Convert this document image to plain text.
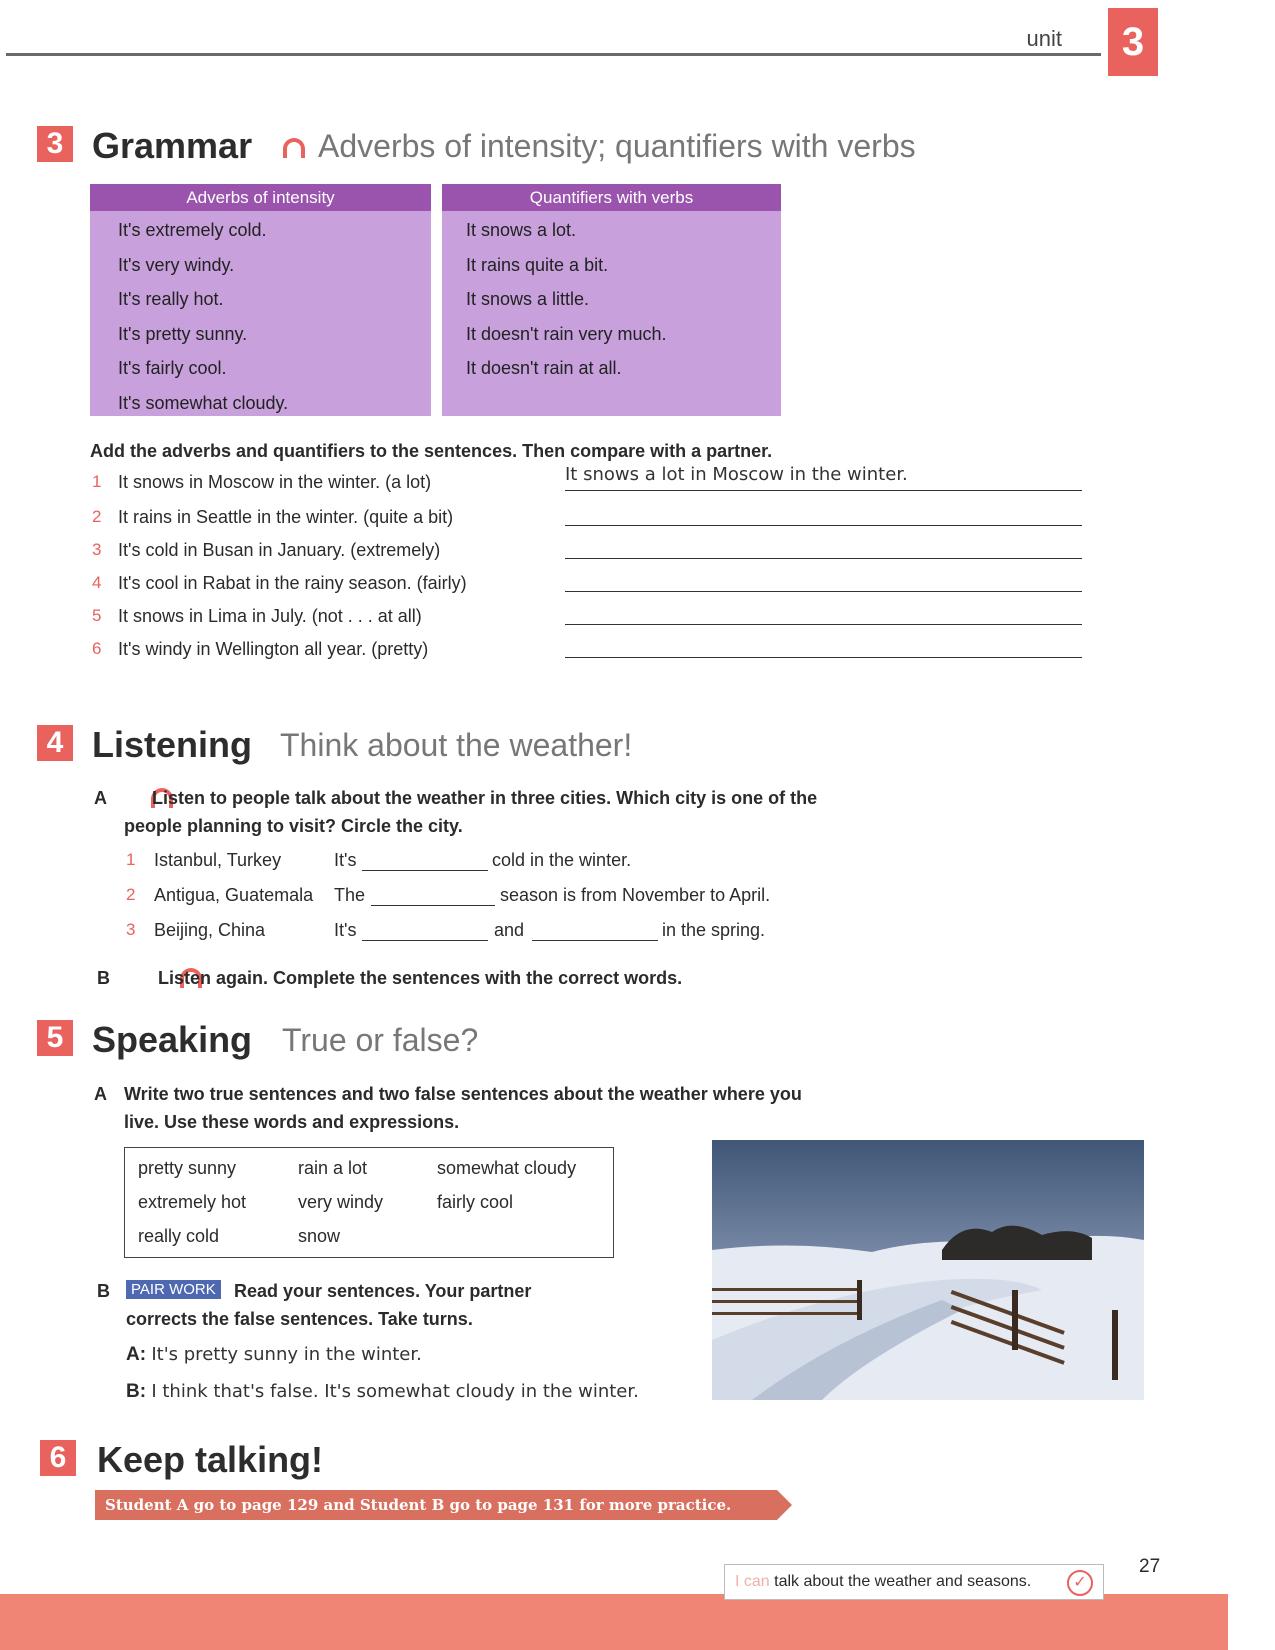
unit	3
3 Grammar
Adverbs of intensity; quantifiers with verbs
Adverbs of intensity
It's extremely cold.
It's very windy.
It's really hot.
It's pretty sunny.
It's fairly cool.
It's somewhat cloudy.
Quantifiers with verbs
It snows a lot.
It rains quite a bit.
It snows a little.
It doesn't rain very much.
It doesn't rain at all.
Add the adverbs and quantifiers to the sentences. Then compare with a partner.
1 It snows in Moscow in the winter. (a lot)	It snows a lot in Moscow in the winter.
2 It rains in Seattle in the winter. (quite a bit)
3 It's cold in Busan in January. (extremely)
4 It's cool in Rabat in the rainy season. (fairly)
5 It snows in Lima in July. (not . . . at all)
6 It's windy in Wellington all year. (pretty)
4 Listening Think about the weather!
A
	Listen to people talk about the weather in three cities. Which city is one of the
people planning to visit? Circle the city.
1 Istanbul, Turkey	It's	cold in the winter.
2 Antigua, Guatemala The	season is from November to April.
3 Beijing, China	It's	and	in the spring.
B	Listen again. Complete the sentences with the correct words.
5 Speaking True or false?
A Write two true sentences and two false sentences about the weather where you
live. Use these words and expressions.
pretty sunny	rain a lot	somewhat cloudy
extremely hot	very windy	fairly cool
really cold	snow
B	PAIR WORK Read your sentences. Your partner
corrects the false sentences. Take turns.
A: It's pretty sunny in the winter.
B: I think that's false. It's somewhat cloudy in the winter.
6 Keep talking!
Student A go to page 129 and Student B go to page 131 for more practice.
I can talk about the weather and seasons.	✓
27
